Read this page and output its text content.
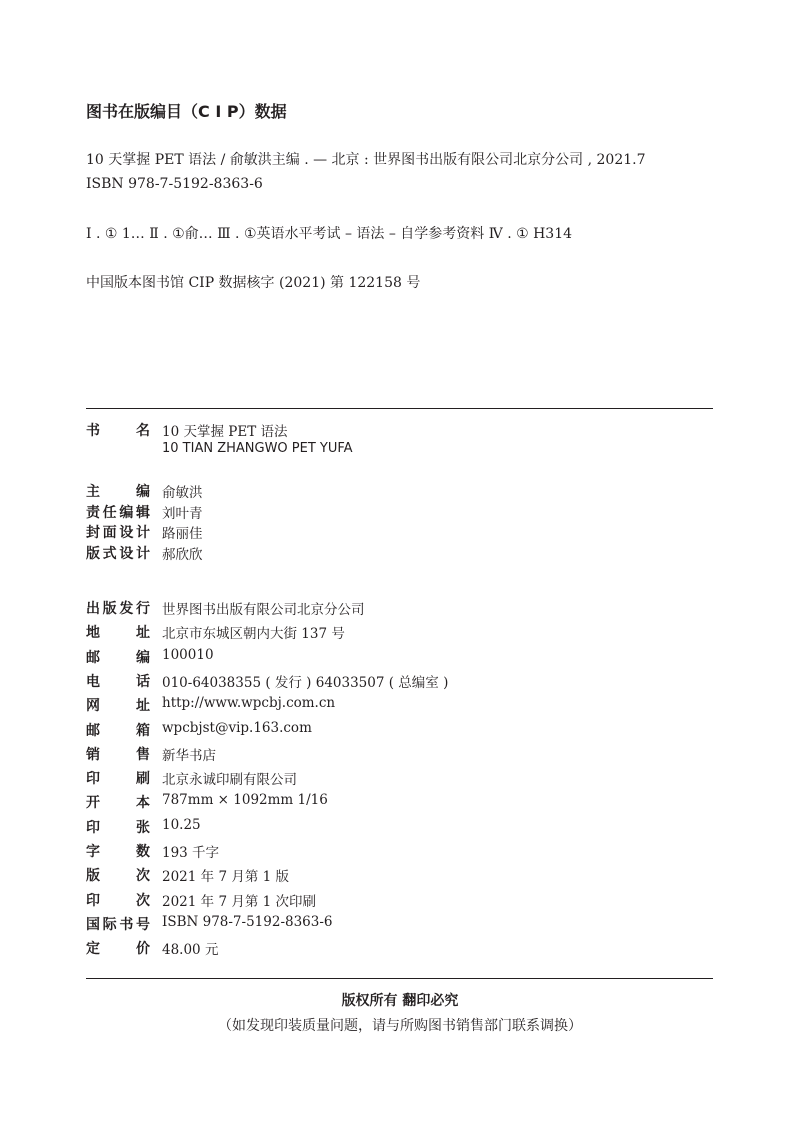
图书在版编目（C I P）数据
10 天掌握 PET 语法 / 俞敏洪主编 . — 北京 : 世界图书出版有限公司北京分公司 , 2021.7
ISBN 978-7-5192-8363-6
Ⅰ . ① 1… Ⅱ . ①俞… Ⅲ . ①英语水平考试 – 语法 – 自学参考资料 Ⅳ . ① H314
中国版本图书馆 CIP 数据核字 (2021) 第 122158 号
书	名 10 天掌握 PET 语法
10 TIAN ZHANGWO PET YUFA
主	编 俞敏洪
责 任 编 辑 刘叶青
封 面 设 计 路丽佳
版 式 设 计 郝欣欣
出 版 发 行 世界图书出版有限公司北京分公司
地	址 北京市东城区朝内大街 137 号
邮	编 100010
电	话 010-64038355 ( 发行 ) 64033507 ( 总编室 )
网	址 http://www.wpcbj.com.cn
邮	箱 wpcbjst@vip.163.com
销	售 新华书店
印	刷 北京永诚印刷有限公司
开	本 787mm × 1092mm 1/16
印	张 10.25
字	数 193 千字
版	次 2021 年 7 月第 1 版
印	次 2021 年 7 月第 1 次印刷
国 际 书 号 ISBN 978-7-5192-8363-6
定	价 48.00 元
版权所有 翻印必究
（如发现印装质量问题，请与所购图书销售部门联系调换）
